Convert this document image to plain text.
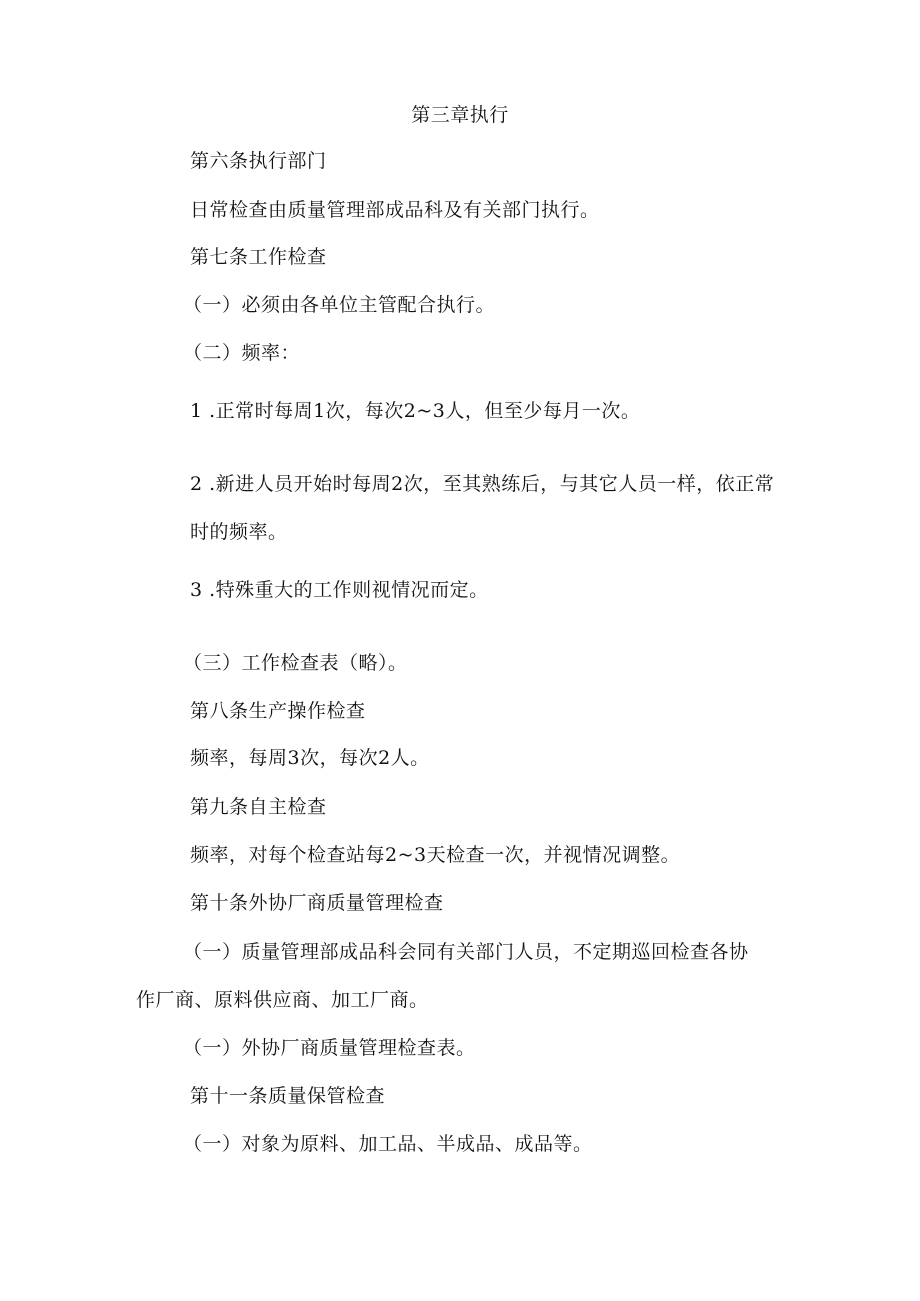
第三章执行
第六条执行部门
日常检查由质量管理部成品科及有关部门执行。
第七条工作检查
（一）必须由各单位主管配合执行。
（二）频率：
1 .正常时每周1次，每次2~3人，但至少每月一次。
2 .新进人员开始时每周2次，至其熟练后，与其它人员一样，依正常
时的频率。
3 .特殊重大的工作则视情况而定。
（三）工作检查表（略）。
第八条生产操作检查
频率，每周3次，每次2人。
第九条自主检查
频率，对每个检查站每2~3天检查一次，并视情况调整。
第十条外协厂商质量管理检查
（一）质量管理部成品科会同有关部门人员，不定期巡回检查各协
作厂商、原料供应商、加工厂商。
（一）外协厂商质量管理检查表。
第十一条质量保管检查
（一）对象为原料、加工品、半成品、成品等。
